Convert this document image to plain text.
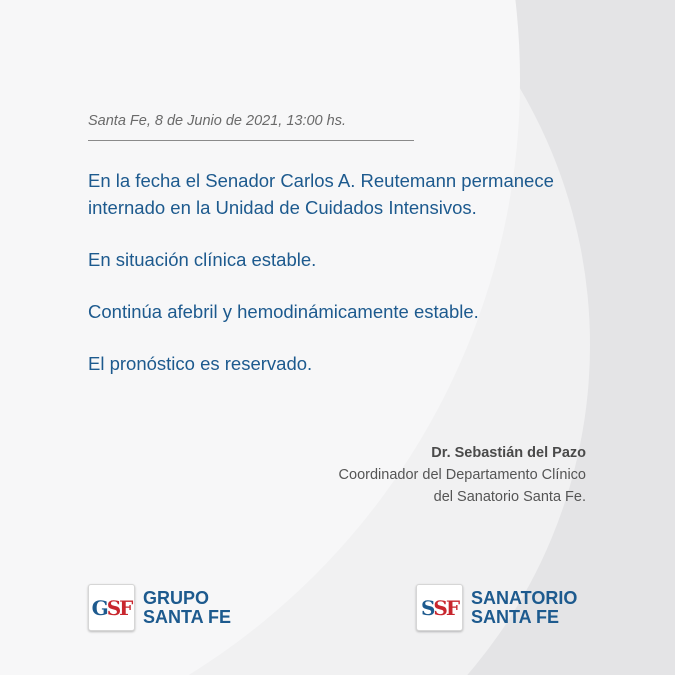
Santa Fe, 8 de Junio de 2021, 13:00 hs.

En la fecha el Senador Carlos A. Reutemann permanece internado en la Unidad de Cuidados Intensivos.

En situación clínica estable.

Continúa afebril y hemodinámicamente estable.

El pronóstico es reservado.

Dr. Sebastián del Pazo
Coordinador del Departamento Clínico
del Sanatorio Santa Fe.
G SF GRUPO
SANTA FE	S SF SANATORIO
SANTA FE
